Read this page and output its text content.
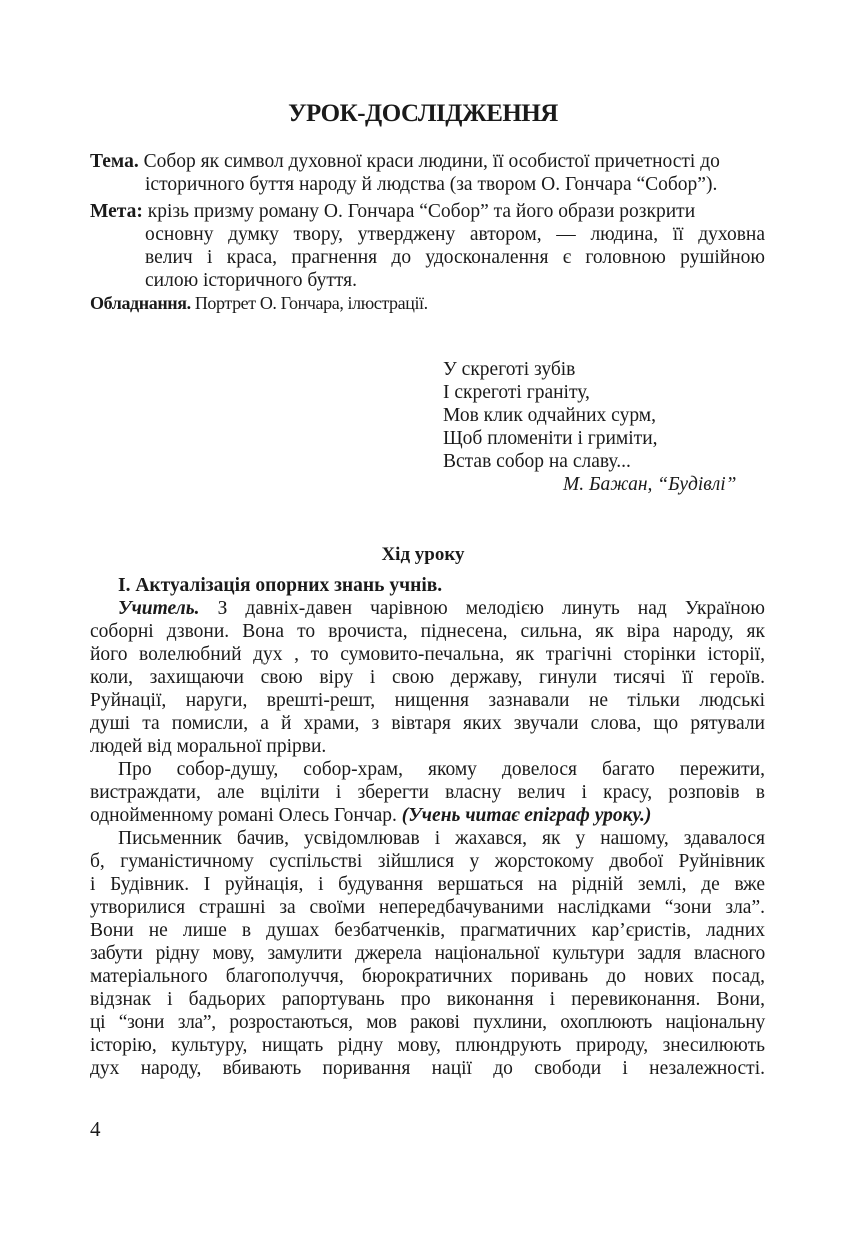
УРОК-ДОСЛІДЖЕННЯ
Тема. Собор як символ духовної краси людини, її особистої причетності до
історичного буття народу й людства (за твором О. Гончара “Собор”).
Мета: крізь призму роману О. Гончара “Собор” та його образи розкрити
основну думку твору, утверджену автором, — людина, її духовна
велич і краса, прагнення до удосконалення є головною рушійною
силою історичного буття.
Обладнання. Портрет О. Гончара, ілюстрації.
У скреготі зубів
І скреготі граніту,
Мов клик одчайних сурм,
Щоб пломеніти і гриміти,
Встав собор на славу...
М. Бажан, “Будівлі”
Хід уроку
І. Актуалізація опорних знань учнів.
Учитель. З давніх-давен чарівною мелодією линуть над Україною
соборні дзвони. Вона то врочиста, піднесена, сильна, як віра народу, як
його волелюбний дух , то сумовито-печальна, як трагічні сторінки історії,
коли, захищаючи свою віру і свою державу, гинули тисячі її героїв.
Руйнації, наруги, врешті-решт, нищення зазнавали не тільки людські
душі та помисли, а й храми, з вівтаря яких звучали слова, що рятували
людей від моральної прірви.
Про собор-душу, собор-храм, якому довелося багато пережити,
вистраждати, але вціліти і зберегти власну велич і красу, розповів в
однойменному романі Олесь Гончар. (Учень читає епіграф уроку.)
Письменник бачив, усвідомлював і жахався, як у нашому, здавалося
б, гуманістичному суспільстві зійшлися у жорстокому двобої Руйнівник
і Будівник. І руйнація, і будування вершаться на рідній землі, де вже
утворилися страшні за своїми непередбачуваними наслідками “зони зла”.
Вони не лише в душах безбатченків, прагматичних кар’єристів, ладних
забути рідну мову, замулити джерела національної культури задля власного
матеріального благополуччя, бюрократичних поривань до нових посад,
відзнак і бадьорих рапортувань про виконання і перевиконання. Вони,
ці “зони зла”, розростаються, мов ракові пухлини, охоплюють національну
історію, культуру, нищать рідну мову, плюндрують природу, знесилюють
дух народу, вбивають поривання нації до свободи і незалежності.
4
